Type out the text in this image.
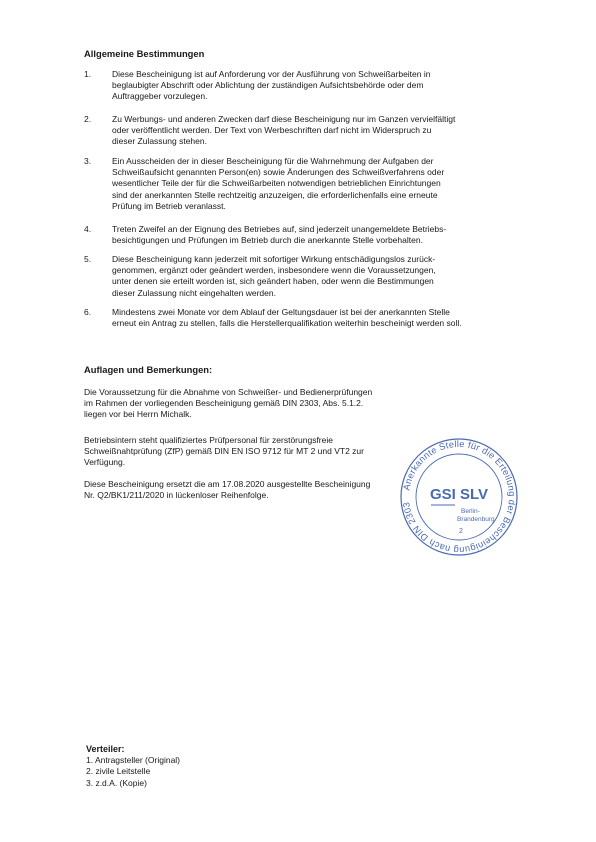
Allgemeine Bestimmungen
1. Diese Bescheinigung ist auf Anforderung vor der Ausführung von Schweißarbeiten in
beglaubigter Abschrift oder Ablichtung der zuständigen Aufsichtsbehörde oder dem
Auftraggeber vorzulegen.
2. Zu Werbungs- und anderen Zwecken darf diese Bescheinigung nur im Ganzen vervielfältigt
oder veröffentlicht werden. Der Text von Werbeschriften darf nicht im Widerspruch zu
dieser Zulassung stehen.
3. Ein Ausscheiden der in dieser Bescheinigung für die Wahrnehmung der Aufgaben der
Schweißaufsicht genannten Person(en) sowie Änderungen des Schweißverfahrens oder
wesentlicher Teile der für die Schweißarbeiten notwendigen betrieblichen Einrichtungen
sind der anerkannten Stelle rechtzeitig anzuzeigen, die erforderlichenfalls eine erneute
Prüfung im Betrieb veranlasst.
4. Treten Zweifel an der Eignung des Betriebes auf, sind jederzeit unangemeldete Betriebs-
besichtigungen und Prüfungen im Betrieb durch die anerkannte Stelle vorbehalten.
5. Diese Bescheinigung kann jederzeit mit sofortiger Wirkung entschädigungslos zurück-
genommen, ergänzt oder geändert werden, insbesondere wenn die Voraussetzungen,
unter denen sie erteilt worden ist, sich geändert haben, oder wenn die Bestimmungen
dieser Zulassung nicht eingehalten werden.
6. Mindestens zwei Monate vor dem Ablauf der Geltungsdauer ist bei der anerkannten Stelle
erneut ein Antrag zu stellen, falls die Herstellerqualifikation weiterhin bescheinigt werden soll.
Auflagen und Bemerkungen:
Die Voraussetzung für die Abnahme von Schweißer- und Bedienerprüfungen
im Rahmen der vorliegenden Bescheinigung gemäß DIN 2303, Abs. 5.1.2.
liegen vor bei Herrn Michalk.
Betriebsintern steht qualifiziertes Prüfpersonal für zerstörungsfreie
Schweißnahtprüfung (ZfP) gemäß DIN EN ISO 9712 für MT 2 und VT2 zur
Verfügung.
Diese Bescheinigung ersetzt die am 17.08.2020 ausgestellte Bescheinigung
Nr. Q2/BK1/211/2020 in lückenloser Reihenfolge.
Anerkannte Stelle für die Erteilung der Bescheinigung nach DIN 2303
GSI SLV
Berlin-
Brandenburg
2
Verteiler:
1. Antragsteller (Original)
2. zivile Leitstelle
3. z.d.A. (Kopie)
